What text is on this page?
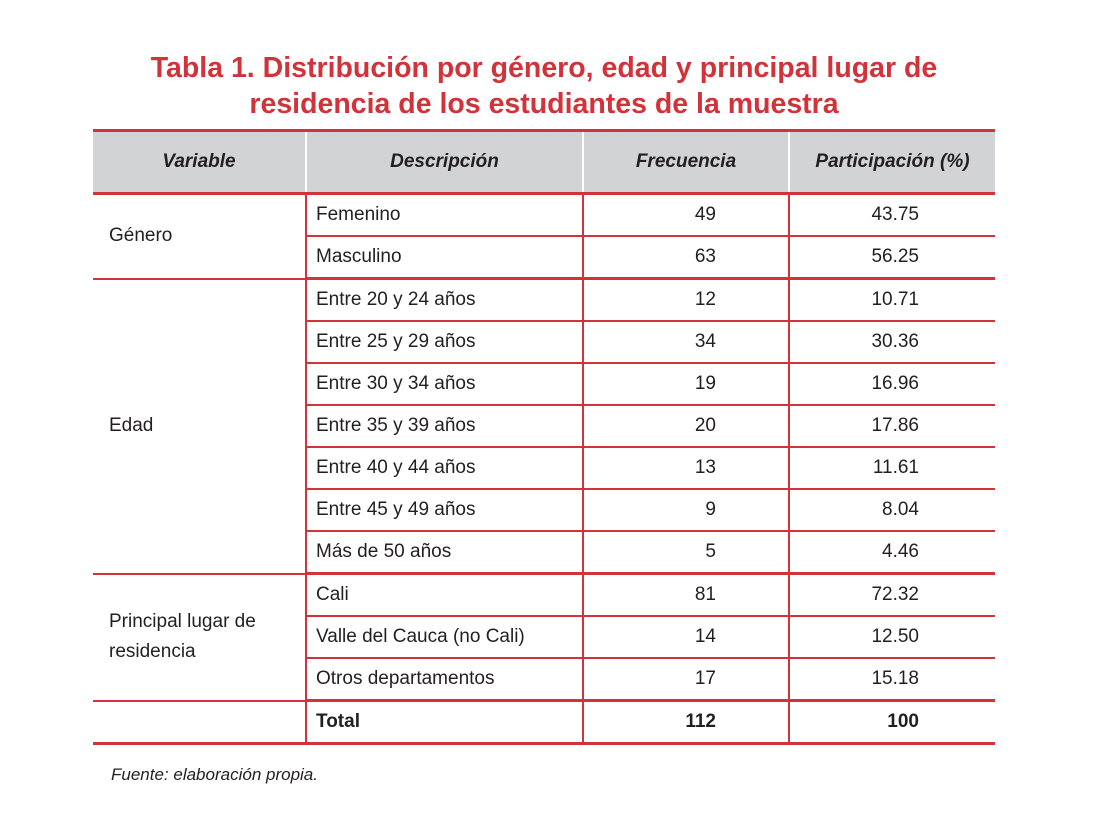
Tabla 1. Distribución por género, edad y principal lugar de
residencia de los estudiantes de la muestra
Variable	Descripción	Frecuencia	Participación (%)
Género	Femenino	49	43.75
	Masculino	63	56.25
Edad	Entre 20 y 24 años	12	10.71
	Entre 25 y 29 años	34	30.36
	Entre 30 y 34 años	19	16.96
	Entre 35 y 39 años	20	17.86
	Entre 40 y 44 años	13	11.61
	Entre 45 y 49 años	9	8.04
	Más de 50 años	5	4.46
Principal lugar de residencia	Cali	81	72.32
	Valle del Cauca (no Cali)	14	12.50
	Otros departamentos	17	15.18
	Total	112	100
Fuente: elaboración propia.
